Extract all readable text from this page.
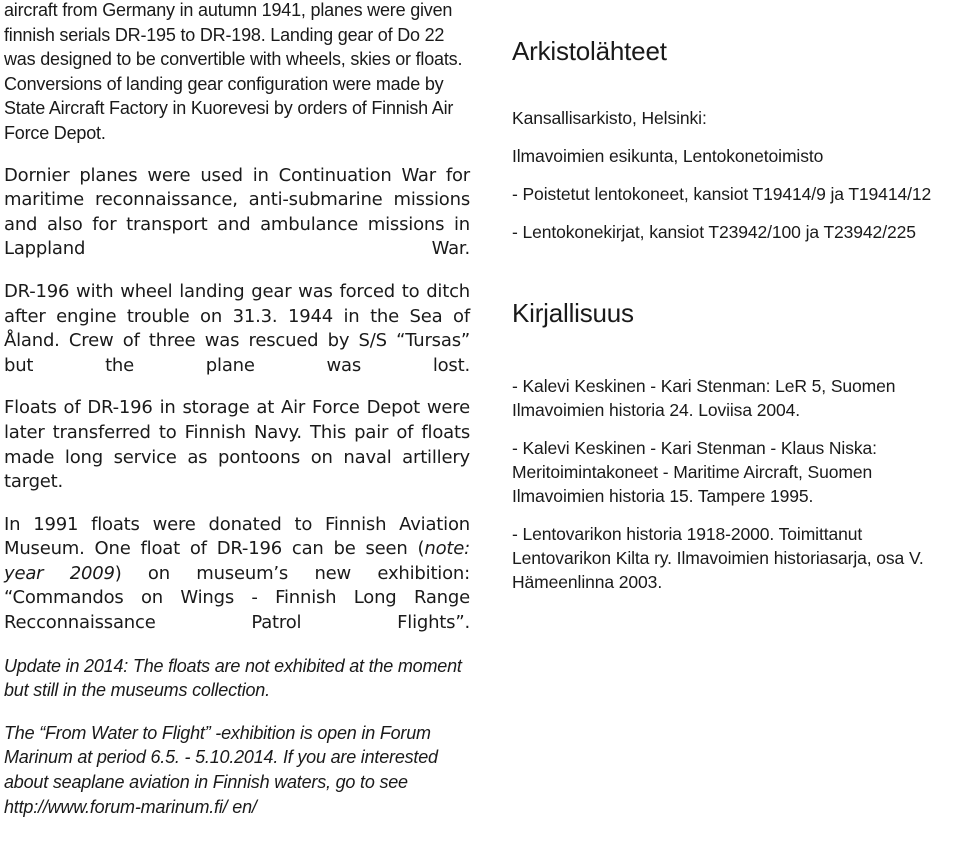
aircraft from Germany in autumn 1941, planes were given finnish serials DR-195 to DR-198. Landing gear of Do 22 was designed to be convertible with wheels, skies or floats. Conversions of landing gear configuration were made by State Aircraft Factory in Kuorevesi by orders of Finnish Air Force Depot.

Dornier planes were used in Continuation War for maritime reconnaissance, anti-submarine missions and also for transport and ambulance missions in Lappland War.

DR-196 with wheel landing gear was forced to ditch after engine trouble on 31.3. 1944 in the Sea of Åland. Crew of three was rescued by S/S “Tursas” but the plane was lost.

Floats of DR-196 in storage at Air Force Depot were later transferred to Finnish Navy. This pair of floats made long service as pontoons on naval artillery target.

In 1991 floats were donated to Finnish Aviation Museum. One float of DR-196 can be seen (note: year 2009) on museum’s new exhibition: “Commandos on Wings - Finnish Long Range Recconnaissance Patrol Flights”.

Update in 2014: The floats are not exhibited at the moment but still in the museums collection.

The “From Water to Flight” -exhibition is open in Forum Marinum at period 6.5. - 5.10.2014. If you are interested about seaplane aviation in Finnish waters, go to see http://www.forum-marinum.fi/ en/

Arkistolähteet

Kansallisarkisto, Helsinki:

Ilmavoimien esikunta, Lentokonetoimisto

- Poistetut lentokoneet, kansiot T19414/9 ja T19414/12

- Lentokonekirjat, kansiot T23942/100 ja T23942/225

Kirjallisuus

- Kalevi Keskinen - Kari Stenman: LeR 5, Suomen Ilmavoimien historia 24. Loviisa 2004.

- Kalevi Keskinen - Kari Stenman - Klaus Niska: Meritoimintakoneet - Maritime Aircraft, Suomen Ilmavoimien historia 15. Tampere 1995.

- Lentovarikon historia 1918-2000. Toimittanut Lentovarikon Kilta ry. Ilmavoimien historiasarja, osa V. Hämeenlinna 2003.
